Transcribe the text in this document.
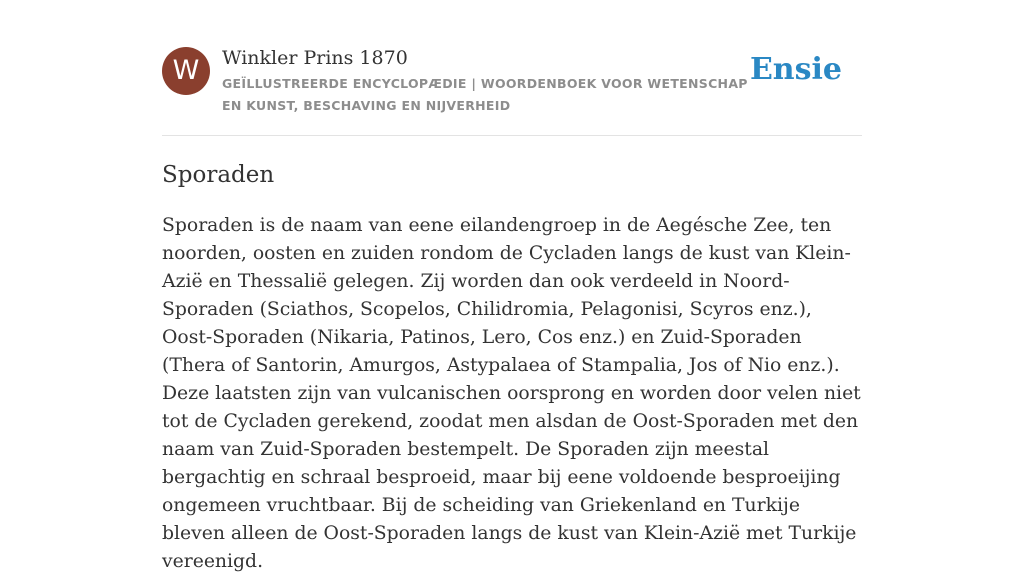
W	Winkler Prins 1870
GEÏLLUSTREERDE ENCYCLOPÆDIE | WOORDENBOEK VOOR WETENSCHAP EN KUNST, BESCHAVING EN NIJVERHEID
Ensie
Sporaden

Sporaden is de naam van eene eilandengroep in de Aegésche Zee, ten noorden, oosten en zuiden rondom de Cycladen langs de kust van Klein-Azië en Thessalië gelegen. Zij worden dan ook verdeeld in Noord-Sporaden (Sciathos, Scopelos, Chilidromia, Pelagonisi, Scyros enz.), Oost-Sporaden (Nikaria, Patinos, Lero, Cos enz.) en Zuid-Sporaden (Thera of Santorin, Amurgos, Astypalaea of Stampalia, Jos of Nio enz.). Deze laatsten zijn van vulcanischen oorsprong en worden door velen niet tot de Cycladen gerekend, zoodat men alsdan de Oost-Sporaden met den naam van Zuid-Sporaden bestempelt. De Sporaden zijn meestal bergachtig en schraal besproeid, maar bij eene voldoende besproeijing ongemeen vruchtbaar. Bij de scheiding van Griekenland en Turkije bleven alleen de Oost-Sporaden langs de kust van Klein-Azië met Turkije vereenigd.
